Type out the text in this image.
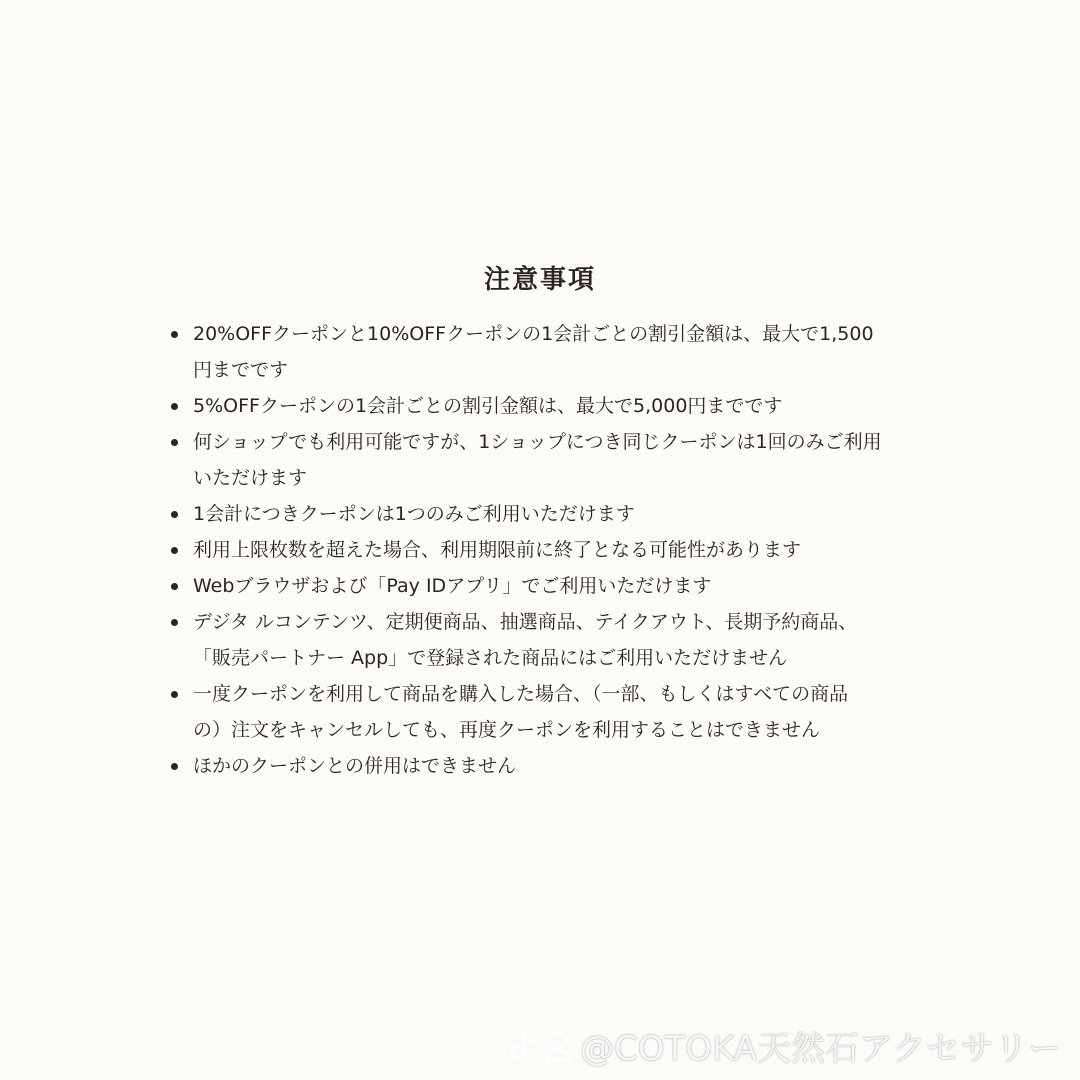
注意事項
20%OFFクーポンと10%OFFクーポンの1会計ごとの割引金額は、最大で1,500
円までです
5%OFFクーポンの1会計ごとの割引金額は、最大で5,000円までです
何ショップでも利用可能ですが、1ショップにつき同じクーポンは1回のみご利用
いただけます
1会計につきクーポンは1つのみご利用いただけます
利用上限枚数を超えた場合、利用期限前に終了となる可能性があります
Webブラウザおよび「Pay IDアプリ」でご利用いただけます
デジタ ルコンテンツ、定期便商品、抽選商品、テイクアウト、長期予約商品、
「販売パートナー App」で登録された商品にはご利用いただけません
一度クーポンを利用して商品を購入した場合、（一部、もしくはすべての商品
の）注文をキャンセルしても、再度クーポンを利用することはできません
ほかのクーポンとの併用はできません
@COTOKA天然石アクセサリー
